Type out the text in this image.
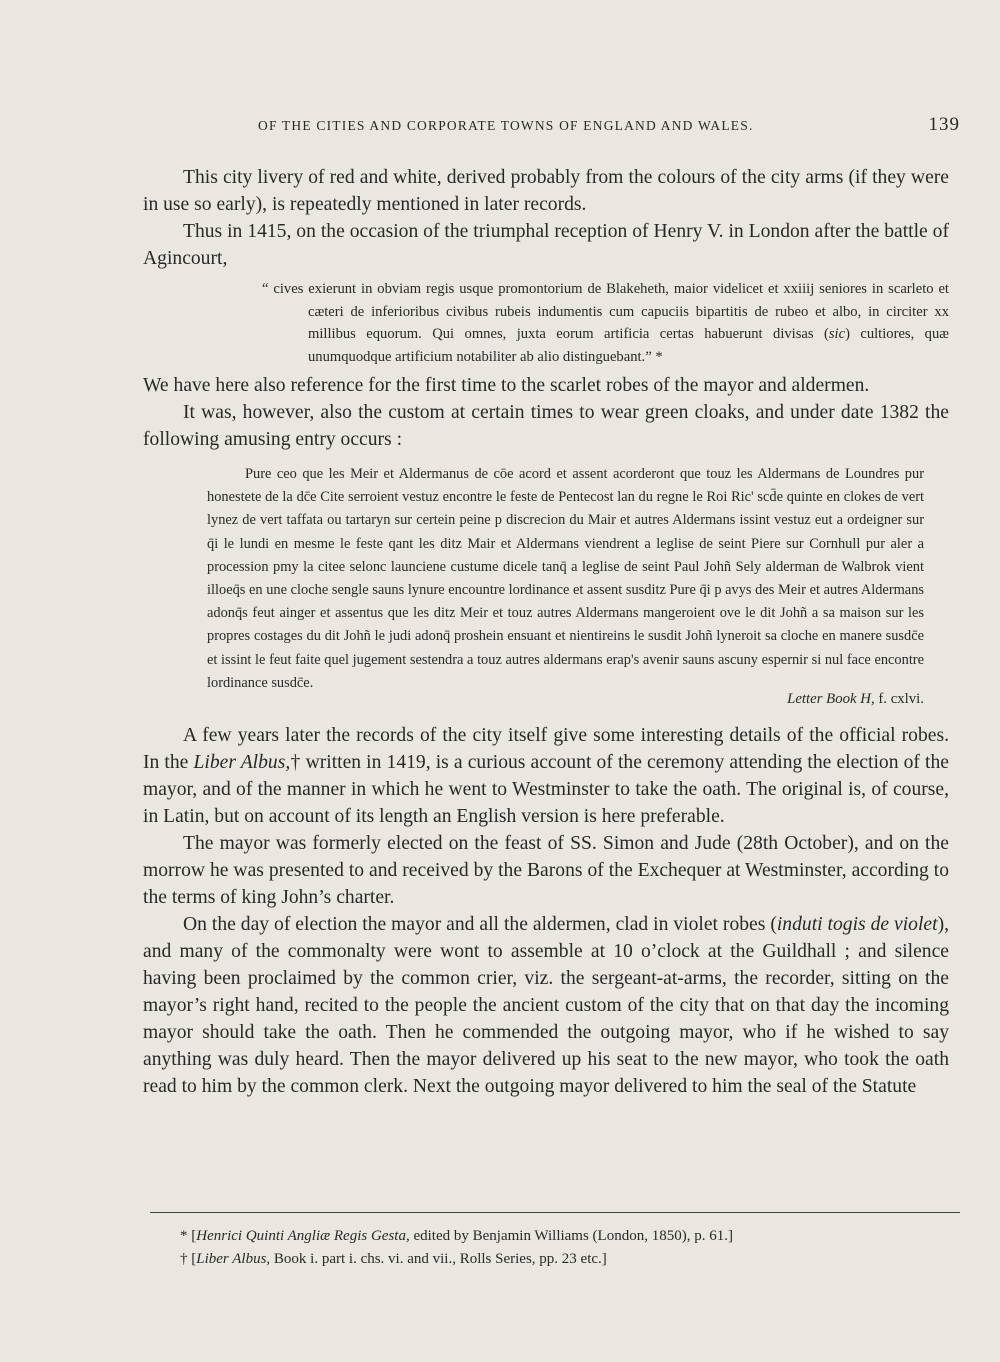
OF THE CITIES AND CORPORATE TOWNS OF ENGLAND AND WALES.	139

This city livery of red and white, derived probably from the colours of the city arms (if they were in use so early), is repeatedly mentioned in later records.

Thus in 1415, on the occasion of the triumphal reception of Henry V. in London after the battle of Agincourt,

“ cives exierunt in obviam regis usque promontorium de Blakeheth, maior videlicet et xxiiij seniores in scarleto et cæteri de inferioribus civibus rubeis indumentis cum capuciis bipartitis de rubeo et albo, in circiter xx millibus equorum. Qui omnes, juxta eorum artificia certas habuerunt divisas (sic) cultiores, quæ unumquodque artificium notabiliter ab alio distinguebant.” *

We have here also reference for the first time to the scarlet robes of the mayor and aldermen.

It was, however, also the custom at certain times to wear green cloaks, and under date 1382 the following amusing entry occurs :

Pure ceo que les Meir et Aldermanus de cōe acord et assent acorderont que touz les Aldermans de Loundres pur honestete de la dc̄e Cite serroient vestuz encontre le feste de Pentecost lan du regne le Roi Ric' scd̄e quinte en clokes de vert lynez de vert taffata ou tartaryn sur certein peine p discrecion du Mair et autres Aldermans issint vestuz eut a ordeigner sur q̄i le lundi en mesme le feste qant les ditz Mair et Aldermans viendrent a leglise de seint Piere sur Cornhull pur aler a procession pmy la citee selonc launciene custume dicele tanq̄ a leglise de seint Paul Johñ Sely alderman de Walbrok vient illoeq̄s en une cloche sengle sauns lynure encountre lordinance et assent susditz Pure q̄i p avys des Meir et autres Aldermans adonq̄s feut ainger et assentus que les ditz Meir et touz autres Aldermans mangeroient ove le dit Johñ a sa maison sur les propres costages du dit Johñ le judi adonq̄ proshein ensuant et nientireins le susdit Johñ lyneroit sa cloche en manere susdc̄e et issint le feut faite quel jugement sestendra a touz autres aldermans erap's avenir sauns ascuny espernir si nul face encontre lordinance susdc̄e.

Letter Book H, f. cxlvi.

A few years later the records of the city itself give some interesting details of the official robes. In the Liber Albus,† written in 1419, is a curious account of the ceremony attending the election of the mayor, and of the manner in which he went to Westminster to take the oath. The original is, of course, in Latin, but on account of its length an English version is here preferable.

The mayor was formerly elected on the feast of SS. Simon and Jude (28th October), and on the morrow he was presented to and received by the Barons of the Exchequer at Westminster, according to the terms of king John’s charter.

On the day of election the mayor and all the aldermen, clad in violet robes (induti togis de violet), and many of the commonalty were wont to assemble at 10 o’clock at the Guildhall ; and silence having been proclaimed by the common crier, viz. the sergeant-at-arms, the recorder, sitting on the mayor’s right hand, recited to the people the ancient custom of the city that on that day the incoming mayor should take the oath. Then he commended the outgoing mayor, who if he wished to say anything was duly heard. Then the mayor delivered up his seat to the new mayor, who took the oath read to him by the common clerk. Next the outgoing mayor delivered to him the seal of the Statute

* [Henrici Quinti Angliæ Regis Gesta, edited by Benjamin Williams (London, 1850), p. 61.]

† [Liber Albus, Book i. part i. chs. vi. and vii., Rolls Series, pp. 23 etc.]
